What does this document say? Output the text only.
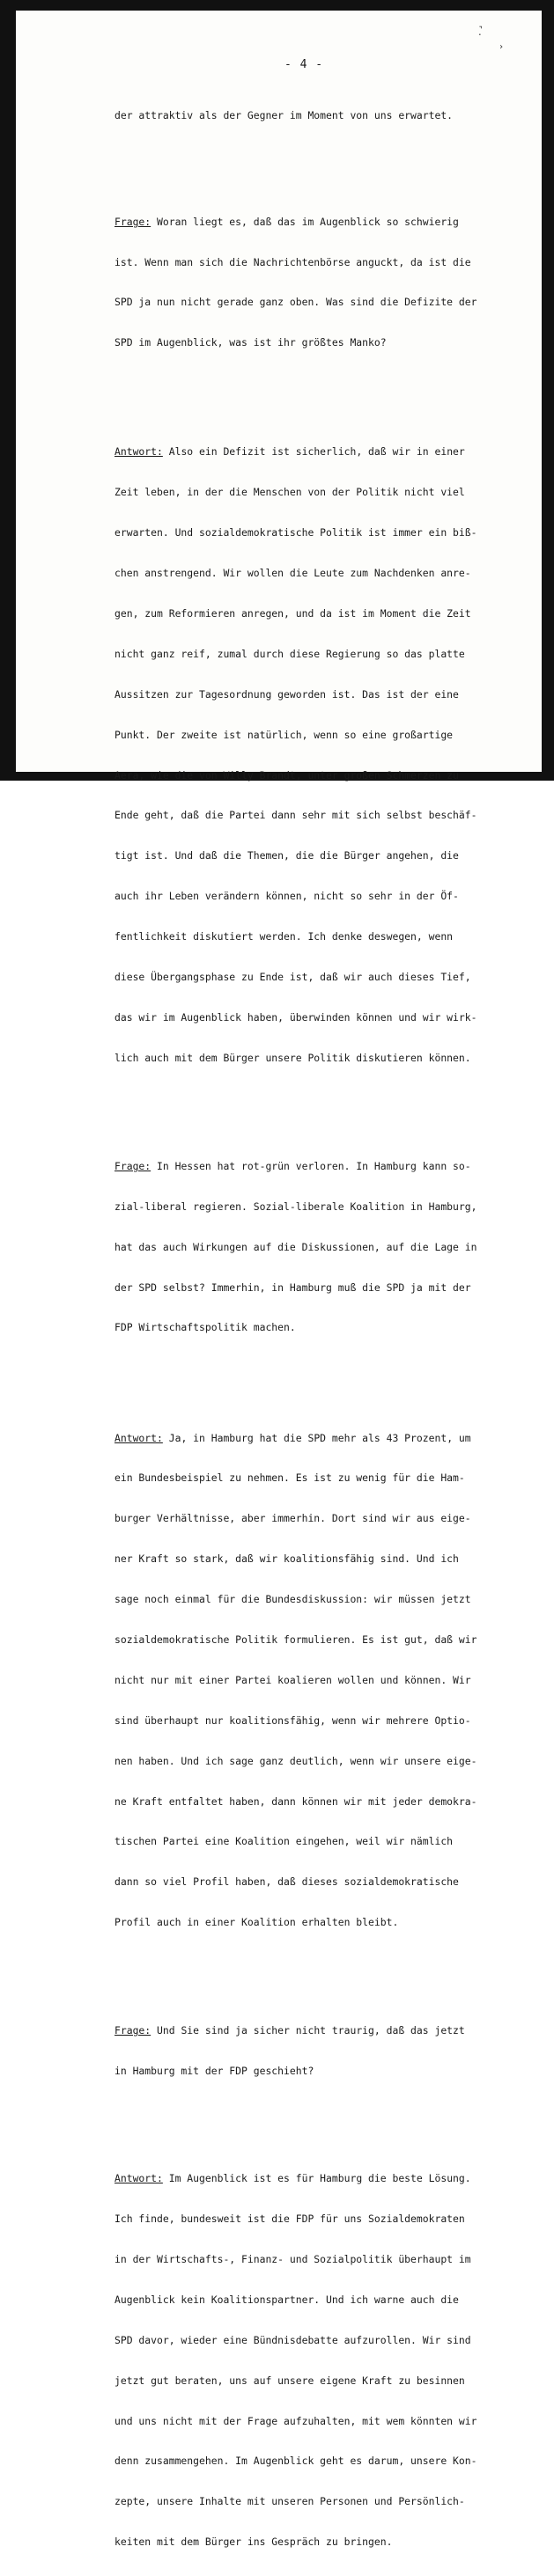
․̚
›
- 4 -

der attraktiv als der Gegner im Moment von uns erwartet.

Frage: Woran liegt es, daß das im Augenblick so schwierig

ist. Wenn man sich die Nachrichtenbörse anguckt, da ist die

SPD ja nun nicht gerade ganz oben. Was sind die Defizite der

SPD im Augenblick, was ist ihr größtes Manko?

Antwort: Also ein Defizit ist sicherlich, daß wir in einer

Zeit leben, in der die Menschen von der Politik nicht viel

erwarten. Und sozialdemokratische Politik ist immer ein biß-

chen anstrengend. Wir wollen die Leute zum Nachdenken anre-

gen, zum Reformieren anregen, und da ist im Moment die Zeit

nicht ganz reif, zumal durch diese Regierung so das platte

Aussitzen zur Tagesordnung geworden ist. Das ist der eine

Punkt. Der zweite ist natürlich, wenn so eine großartige

Aera, wie die von Willy Brandt, unter großen Schmerzen zu

Ende geht, daß die Partei dann sehr mit sich selbst beschäf-

tigt ist. Und daß die Themen, die die Bürger angehen, die

auch ihr Leben verändern können, nicht so sehr in der Öf-

fentlichkeit diskutiert werden. Ich denke deswegen, wenn

diese Übergangsphase zu Ende ist, daß wir auch dieses Tief,

das wir im Augenblick haben, überwinden können und wir wirk-

lich auch mit dem Bürger unsere Politik diskutieren können.

Frage: In Hessen hat rot-grün verloren. In Hamburg kann so-

zial-liberal regieren. Sozial-liberale Koalition in Hamburg,

hat das auch Wirkungen auf die Diskussionen, auf die Lage in

der SPD selbst? Immerhin, in Hamburg muß die SPD ja mit der

FDP Wirtschaftspolitik machen.

Antwort: Ja, in Hamburg hat die SPD mehr als 43 Prozent, um

ein Bundesbeispiel zu nehmen. Es ist zu wenig für die Ham-

burger Verhältnisse, aber immerhin. Dort sind wir aus eige-

ner Kraft so stark, daß wir koalitionsfähig sind. Und ich

sage noch einmal für die Bundesdiskussion: wir müssen jetzt

sozialdemokratische Politik formulieren. Es ist gut, daß wir

nicht nur mit einer Partei koalieren wollen und können. Wir

sind überhaupt nur koalitionsfähig, wenn wir mehrere Optio-

nen haben. Und ich sage ganz deutlich, wenn wir unsere eige-

ne Kraft entfaltet haben, dann können wir mit jeder demokra-

tischen Partei eine Koalition eingehen, weil wir nämlich

dann so viel Profil haben, daß dieses sozialdemokratische

Profil auch in einer Koalition erhalten bleibt.

Frage: Und Sie sind ja sicher nicht traurig, daß das jetzt

in Hamburg mit der FDP geschieht?

Antwort: Im Augenblick ist es für Hamburg die beste Lösung.

Ich finde, bundesweit ist die FDP für uns Sozialdemokraten

in der Wirtschafts-, Finanz- und Sozialpolitik überhaupt im

Augenblick kein Koalitionspartner. Und ich warne auch die

SPD davor, wieder eine Bündnisdebatte aufzurollen. Wir sind

jetzt gut beraten, uns auf unsere eigene Kraft zu besinnen

und uns nicht mit der Frage aufzuhalten, mit wem könnten wir

denn zusammengehen. Im Augenblick geht es darum, unsere Kon-

zepte, unsere Inhalte mit unseren Personen und Persönlich-

keiten mit dem Bürger ins Gespräch zu bringen.
